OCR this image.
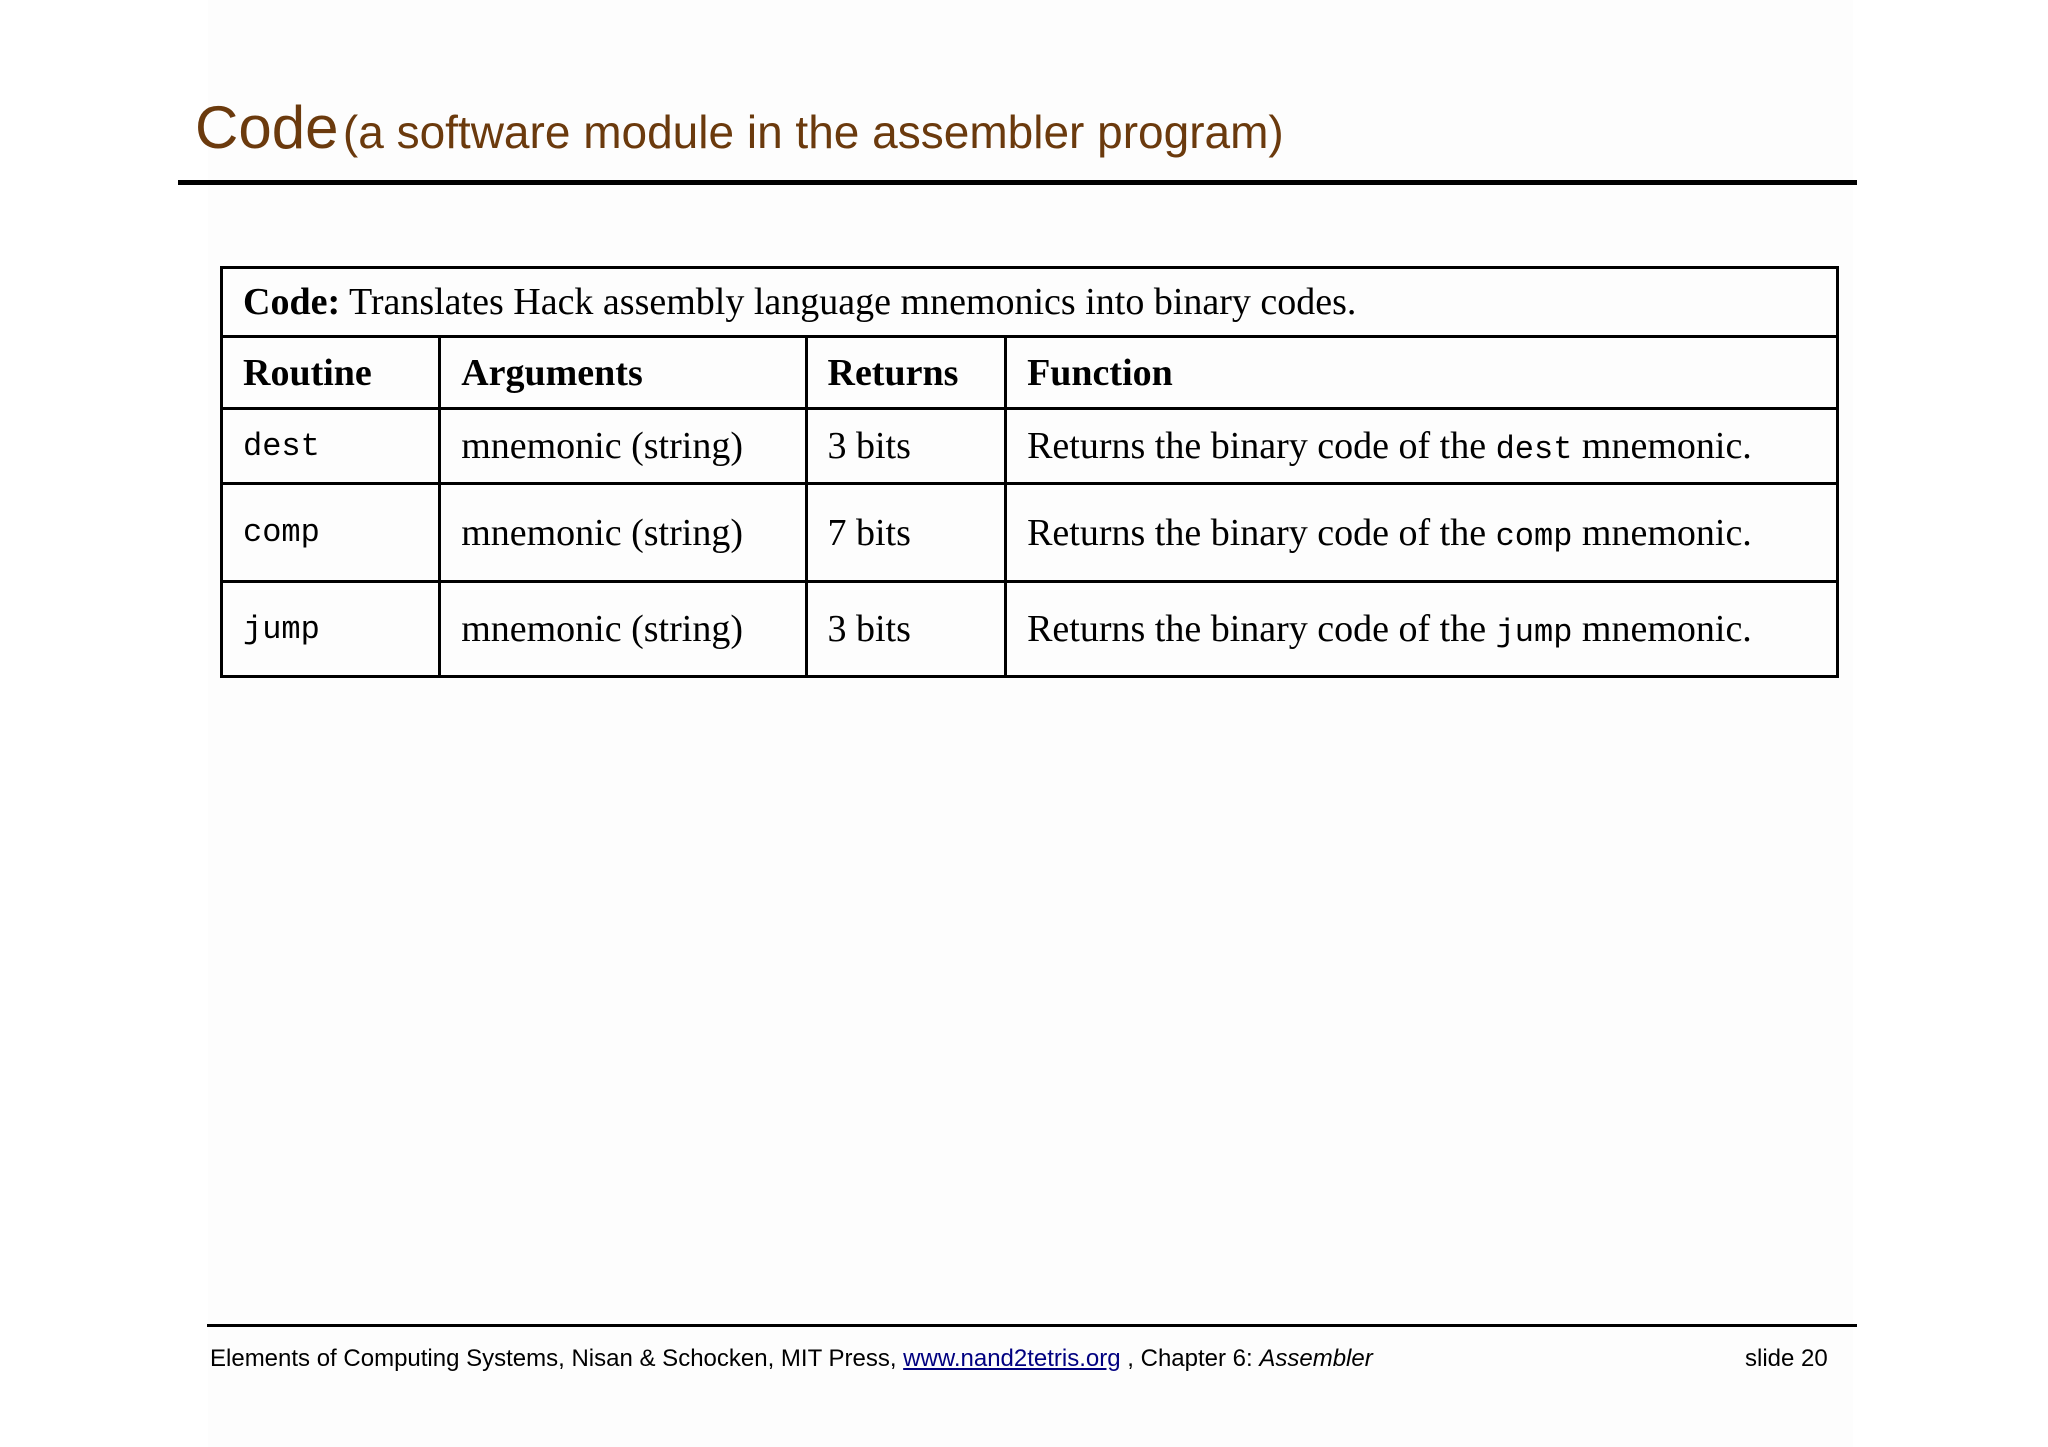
Code (a software module in the assembler program)
Code: Translates Hack assembly language mnemonics into binary codes.			
Routine	Arguments	Returns	Function
dest	mnemonic (string)	3 bits	Returns the binary code of the dest mnemonic.
comp	mnemonic (string)	7 bits	Returns the binary code of the comp mnemonic.
jump	mnemonic (string)	3 bits	Returns the binary code of the jump mnemonic.
Elements of Computing Systems, Nisan & Schocken, MIT Press, www.nand2tetris.org , Chapter 6: Assembler	slide 20
